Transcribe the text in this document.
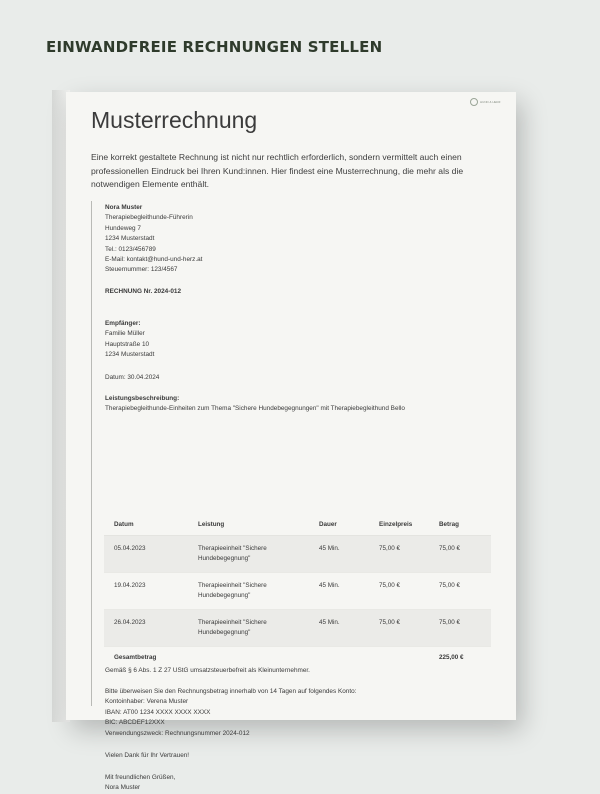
EINWANDFREIE RECHNUNGEN STELLEN
HUND & HERZ
Musterrechnung
Eine korrekt gestaltete Rechnung ist nicht nur rechtlich erforderlich, sondern vermittelt auch einen professionellen Eindruck bei Ihren Kund:innen. Hier findest eine Musterrechnung, die mehr als die notwendigen Elemente enthält.
Nora Muster
Therapiebegleithunde-Führerin
Hundeweg 7
1234 Musterstadt
Tel.: 0123/456789
E-Mail: kontakt@hund-und-herz.at
Steuernummer: 123/4567
RECHNUNG Nr. 2024-012
Empfänger:
Familie Müller
Hauptstraße 10
1234 Musterstadt
Datum: 30.04.2024
Leistungsbeschreibung:
Therapiebegleithunde-Einheiten zum Thema "Sichere Hundebegegnungen" mit Therapiebegleithund Bello
Datum	Leistung	Dauer	Einzelpreis	Betrag
05.04.2023	Therapieeinheit "Sichere Hundebegegnung"	45 Min.	75,00 €	75,00 €
19.04.2023	Therapieeinheit "Sichere Hundebegegnung"	45 Min.	75,00 €	75,00 €
26.04.2023	Therapieeinheit "Sichere Hundebegegnung"	45 Min.	75,00 €	75,00 €
Gesamtbetrag				225,00 €
Gemäß § 6 Abs. 1 Z 27 UStG umsatzsteuerbefreit als Kleinunternehmer.
Bitte überweisen Sie den Rechnungsbetrag innerhalb von 14 Tagen auf folgendes Konto:
Kontoinhaber: Verena Muster
IBAN: AT00 1234 XXXX XXXX XXXX
BIC: ABCDEF12XXX
Verwendungszweck: Rechnungsnummer 2024-012
Vielen Dank für Ihr Vertrauen!
Mit freundlichen Grüßen,
Nora Muster
